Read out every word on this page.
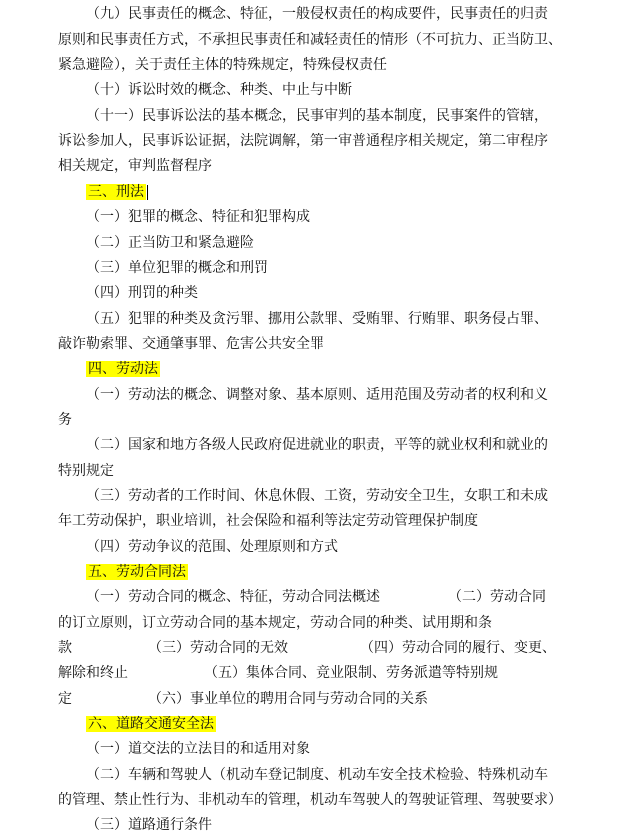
（九）民事责任的概念、特征，一般侵权责任的构成要件，民事责任的归责
原则和民事责任方式，不承担民事责任和减轻责任的情形（不可抗力、正当防卫、
紧急避险），关于责任主体的特殊规定，特殊侵权责任
（十）诉讼时效的概念、种类、中止与中断
（十一）民事诉讼法的基本概念，民事审判的基本制度，民事案件的管辖，
诉讼参加人，民事诉讼证据，法院调解，第一审普通程序相关规定，第二审程序
相关规定，审判监督程序
三、刑法
（一）犯罪的概念、特征和犯罪构成
（二）正当防卫和紧急避险
（三）单位犯罪的概念和刑罚
（四）刑罚的种类
（五）犯罪的种类及贪污罪、挪用公款罪、受贿罪、行贿罪、职务侵占罪、
敲诈勒索罪、交通肇事罪、危害公共安全罪
四、劳动法
（一）劳动法的概念、调整对象、基本原则、适用范围及劳动者的权利和义
务
（二）国家和地方各级人民政府促进就业的职责，平等的就业权利和就业的
特别规定
（三）劳动者的工作时间、休息休假、工资，劳动安全卫生，女职工和未成
年工劳动保护，职业培训，社会保险和福利等法定劳动管理保护制度
（四）劳动争议的范围、处理原则和方式
五、劳动合同法
（一）劳动合同的概念、特征，劳动合同法概述	（二）劳动合同
的订立原则，订立劳动合同的基本规定，劳动合同的种类、试用期和条
款	（三）劳动合同的无效	（四）劳动合同的履行、变更、
解除和终止	（五）集体合同、竞业限制、劳务派遣等特别规
定	（六）事业单位的聘用合同与劳动合同的关系
六、道路交通安全法
（一）道交法的立法目的和适用对象
（二）车辆和驾驶人（机动车登记制度、机动车安全技术检验、特殊机动车
的管理、禁止性行为、非机动车的管理，机动车驾驶人的驾驶证管理、驾驶要求）
（三）道路通行条件
